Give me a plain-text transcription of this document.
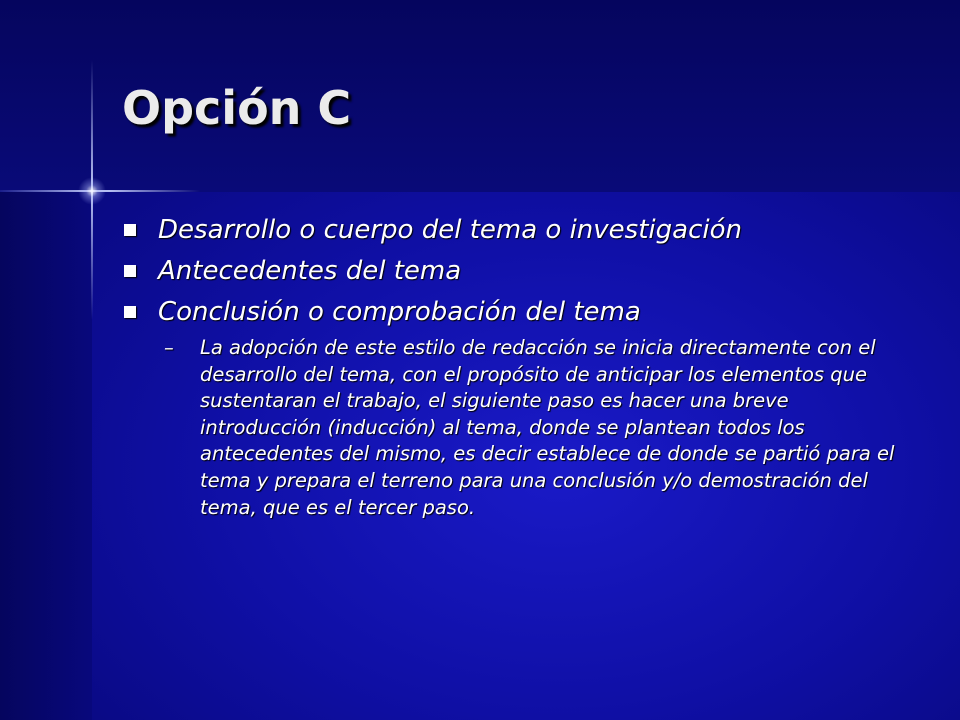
Opción C
Desarrollo o cuerpo del tema o investigación
Antecedentes del tema
Conclusión o comprobación del tema
– La adopción de este estilo de redacción se inicia directamente con el desarrollo del tema, con el propósito de anticipar los elementos que sustentaran el trabajo, el siguiente paso es hacer una breve introducción (inducción) al tema, donde se plantean todos los antecedentes del mismo, es decir establece de donde se partió para el tema y prepara el terreno para una conclusión y/o demostración del tema, que es el tercer paso.
